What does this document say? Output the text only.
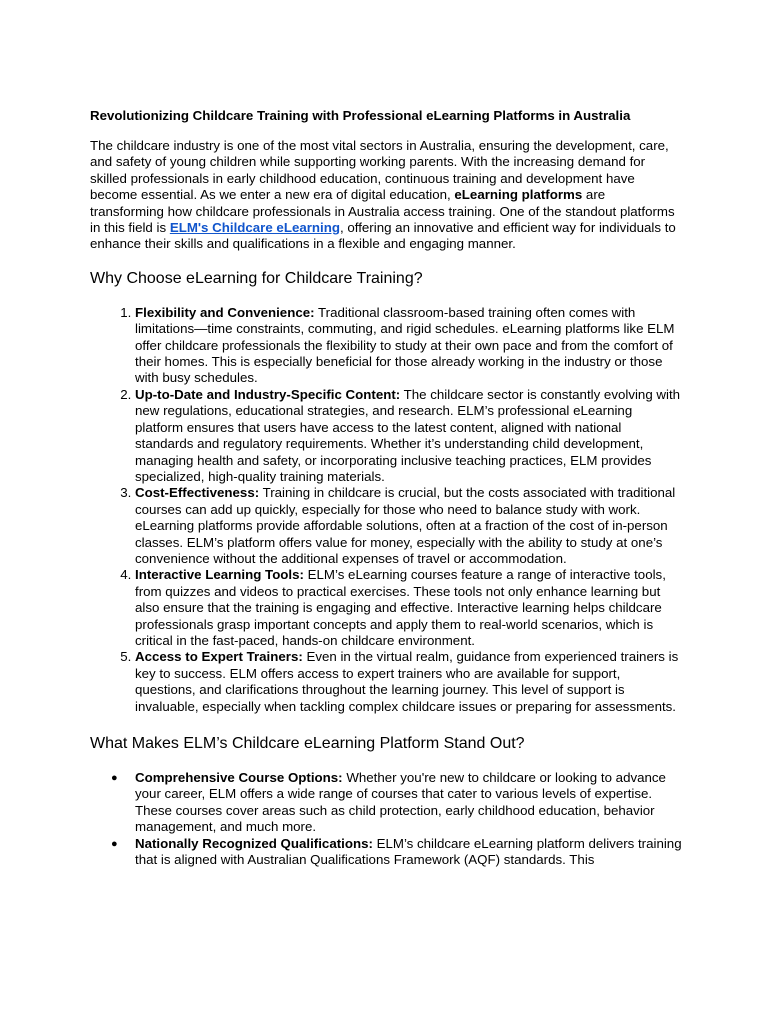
Revolutionizing Childcare Training with Professional eLearning Platforms in Australia

The childcare industry is one of the most vital sectors in Australia, ensuring the development, care, and safety of young children while supporting working parents. With the increasing demand for skilled professionals in early childhood education, continuous training and development have become essential. As we enter a new era of digital education, eLearning platforms are transforming how childcare professionals in Australia access training. One of the standout platforms in this field is ELM's Childcare eLearning, offering an innovative and efficient way for individuals to enhance their skills and qualifications in a flexible and engaging manner.

Why Choose eLearning for Childcare Training?
1. Flexibility and Convenience: Traditional classroom-based training often comes with limitations—time constraints, commuting, and rigid schedules. eLearning platforms like ELM offer childcare professionals the flexibility to study at their own pace and from the comfort of their homes. This is especially beneficial for those already working in the industry or those with busy schedules.
2. Up-to-Date and Industry-Specific Content: The childcare sector is constantly evolving with new regulations, educational strategies, and research. ELM’s professional eLearning platform ensures that users have access to the latest content, aligned with national standards and regulatory requirements. Whether it’s understanding child development, managing health and safety, or incorporating inclusive teaching practices, ELM provides specialized, high-quality training materials.
3. Cost-Effectiveness: Training in childcare is crucial, but the costs associated with traditional courses can add up quickly, especially for those who need to balance study with work. eLearning platforms provide affordable solutions, often at a fraction of the cost of in-person classes. ELM’s platform offers value for money, especially with the ability to study at one’s convenience without the additional expenses of travel or accommodation.
4. Interactive Learning Tools: ELM’s eLearning courses feature a range of interactive tools, from quizzes and videos to practical exercises. These tools not only enhance learning but also ensure that the training is engaging and effective. Interactive learning helps childcare professionals grasp important concepts and apply them to real-world scenarios, which is critical in the fast-paced, hands-on childcare environment.
5. Access to Expert Trainers: Even in the virtual realm, guidance from experienced trainers is key to success. ELM offers access to expert trainers who are available for support, questions, and clarifications throughout the learning journey. This level of support is invaluable, especially when tackling complex childcare issues or preparing for assessments.
What Makes ELM’s Childcare eLearning Platform Stand Out?
● Comprehensive Course Options: Whether you're new to childcare or looking to advance your career, ELM offers a wide range of courses that cater to various levels of expertise. These courses cover areas such as child protection, early childhood education, behavior management, and much more.
● Nationally Recognized Qualifications: ELM’s childcare eLearning platform delivers training that is aligned with Australian Qualifications Framework (AQF) standards. This
